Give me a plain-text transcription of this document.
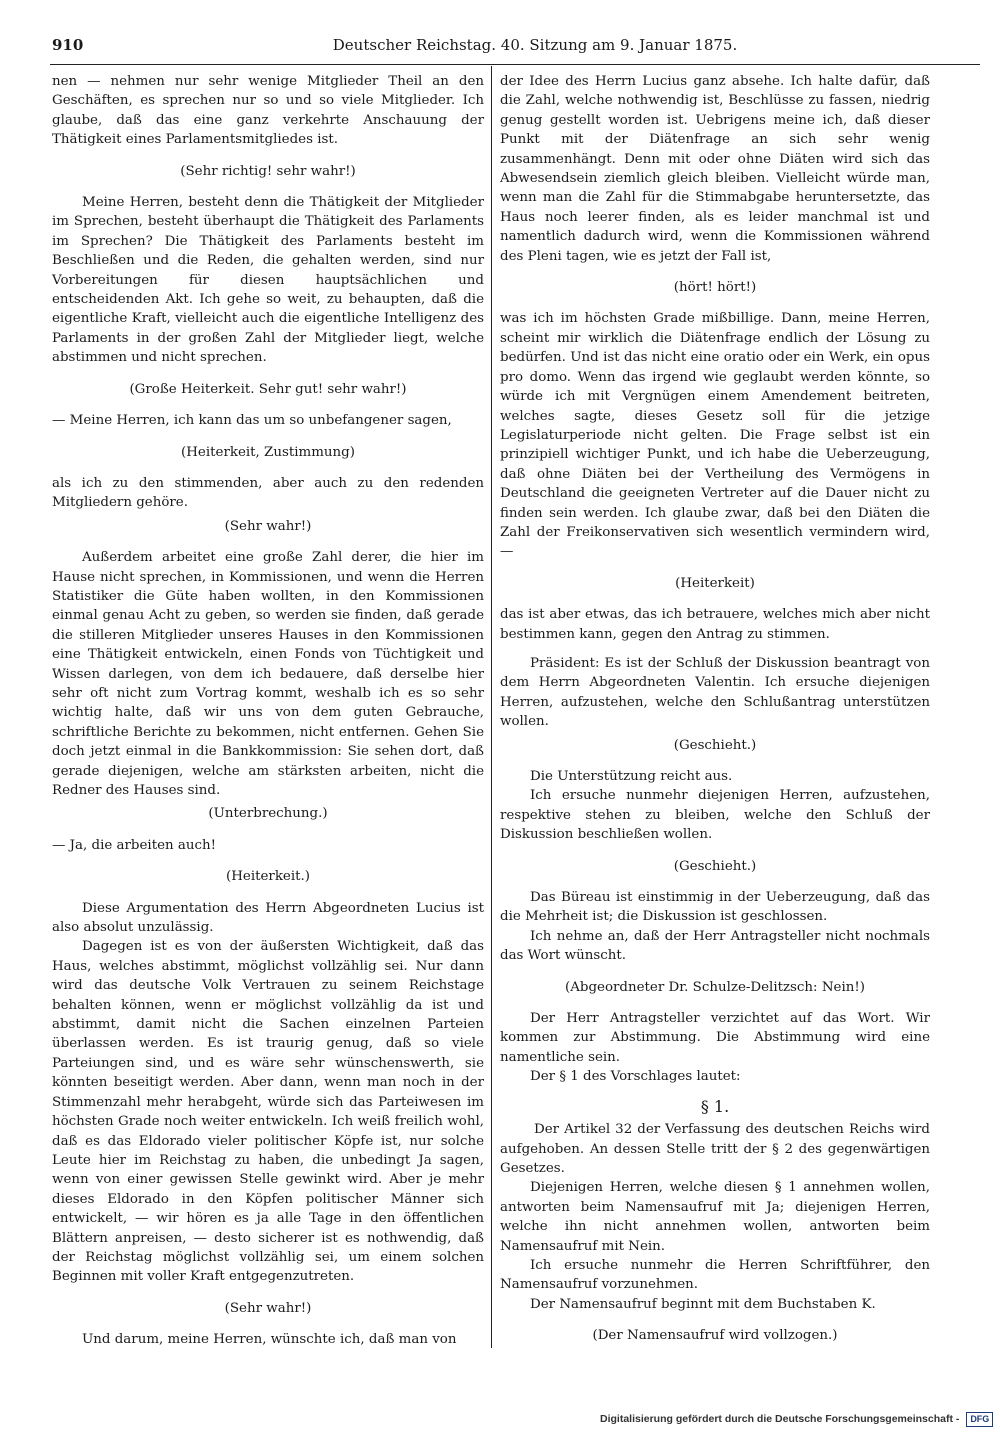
910	Deutscher Reichstag. 40. Sitzung am 9. Januar 1875.

nen — nehmen nur sehr wenige Mitglieder Theil an den Geschäften, es sprechen nur so und so viele Mitglieder. Ich glaube, daß das eine ganz verkehrte Anschauung der Thätigkeit eines Parlamentsmitgliedes ist.

(Sehr richtig! sehr wahr!)

Meine Herren, besteht denn die Thätigkeit der Mitglieder im Sprechen, besteht überhaupt die Thätigkeit des Parlaments im Sprechen? Die Thätigkeit des Parlaments besteht im Beschließen und die Reden, die gehalten werden, sind nur Vorbereitungen für diesen hauptsächlichen und entscheidenden Akt. Ich gehe so weit, zu behaupten, daß die eigentliche Kraft, vielleicht auch die eigentliche Intelligenz des Parlaments in der großen Zahl der Mitglieder liegt, welche abstimmen und nicht sprechen.

(Große Heiterkeit. Sehr gut! sehr wahr!)

— Meine Herren, ich kann das um so unbefangener sagen,

(Heiterkeit, Zustimmung)

als ich zu den stimmenden, aber auch zu den redenden Mitgliedern gehöre.

(Sehr wahr!)

Außerdem arbeitet eine große Zahl derer, die hier im Hause nicht sprechen, in Kommissionen, und wenn die Herren Statistiker die Güte haben wollten, in den Kommissionen einmal genau Acht zu geben, so werden sie finden, daß gerade die stilleren Mitglieder unseres Hauses in den Kommissionen eine Thätigkeit entwickeln, einen Fonds von Tüchtigkeit und Wissen darlegen, von dem ich bedauere, daß derselbe hier sehr oft nicht zum Vortrag kommt, weshalb ich es so sehr wichtig halte, daß wir uns von dem guten Gebrauche, schriftliche Berichte zu bekommen, nicht entfernen. Gehen Sie doch jetzt einmal in die Bankkommission: Sie sehen dort, daß gerade diejenigen, welche am stärksten arbeiten, nicht die Redner des Hauses sind.

(Unterbrechung.)

— Ja, die arbeiten auch!

(Heiterkeit.)

Diese Argumentation des Herrn Abgeordneten Lucius ist also absolut unzulässig.

Dagegen ist es von der äußersten Wichtigkeit, daß das Haus, welches abstimmt, möglichst vollzählig sei. Nur dann wird das deutsche Volk Vertrauen zu seinem Reichstage behalten können, wenn er möglichst vollzählig da ist und abstimmt, damit nicht die Sachen einzelnen Parteien überlassen werden. Es ist traurig genug, daß so viele Parteiungen sind, und es wäre sehr wünschenswerth, sie könnten beseitigt werden. Aber dann, wenn man noch in der Stimmenzahl mehr herabgeht, würde sich das Parteiwesen im höchsten Grade noch weiter entwickeln. Ich weiß freilich wohl, daß es das Eldorado vieler politischer Köpfe ist, nur solche Leute hier im Reichstag zu haben, die unbedingt Ja sagen, wenn von einer gewissen Stelle gewinkt wird. Aber je mehr dieses Eldorado in den Köpfen politischer Männer sich entwickelt, — wir hören es ja alle Tage in den öffentlichen Blättern anpreisen, — desto sicherer ist es nothwendig, daß der Reichstag möglichst vollzählig sei, um einem solchen Beginnen mit voller Kraft entgegenzutreten.

(Sehr wahr!)

Und darum, meine Herren, wünschte ich, daß man von

der Idee des Herrn Lucius ganz absehe. Ich halte dafür, daß die Zahl, welche nothwendig ist, Beschlüsse zu fassen, niedrig genug gestellt worden ist. Uebrigens meine ich, daß dieser Punkt mit der Diätenfrage an sich sehr wenig zusammenhängt. Denn mit oder ohne Diäten wird sich das Abwesendsein ziemlich gleich bleiben. Vielleicht würde man, wenn man die Zahl für die Stimmabgabe heruntersetzte, das Haus noch leerer finden, als es leider manchmal ist und namentlich dadurch wird, wenn die Kommissionen während des Pleni tagen, wie es jetzt der Fall ist,

(hört! hört!)

was ich im höchsten Grade mißbillige. Dann, meine Herren, scheint mir wirklich die Diätenfrage endlich der Lösung zu bedürfen. Und ist das nicht eine oratio oder ein Werk, ein opus pro domo. Wenn das irgend wie geglaubt werden könnte, so würde ich mit Vergnügen einem Amendement beitreten, welches sagte, dieses Gesetz soll für die jetzige Legislaturperiode nicht gelten. Die Frage selbst ist ein prinzipiell wichtiger Punkt, und ich habe die Ueberzeugung, daß ohne Diäten bei der Vertheilung des Vermögens in Deutschland die geeigneten Vertreter auf die Dauer nicht zu finden sein werden. Ich glaube zwar, daß bei den Diäten die Zahl der Freikonservativen sich wesentlich vermindern wird, —

(Heiterkeit)

das ist aber etwas, das ich betrauere, welches mich aber nicht bestimmen kann, gegen den Antrag zu stimmen.

Präsident: Es ist der Schluß der Diskussion beantragt von dem Herrn Abgeordneten Valentin. Ich ersuche diejenigen Herren, aufzustehen, welche den Schlußantrag unterstützen wollen.

(Geschieht.)

Die Unterstützung reicht aus.

Ich ersuche nunmehr diejenigen Herren, aufzustehen, respektive stehen zu bleiben, welche den Schluß der Diskussion beschließen wollen.

(Geschieht.)

Das Büreau ist einstimmig in der Ueberzeugung, daß das die Mehrheit ist; die Diskussion ist geschlossen.

Ich nehme an, daß der Herr Antragsteller nicht nochmals das Wort wünscht.

(Abgeordneter Dr. Schulze-Delitzsch: Nein!)

Der Herr Antragsteller verzichtet auf das Wort. Wir kommen zur Abstimmung. Die Abstimmung wird eine namentliche sein.

Der § 1 des Vorschlages lautet:

§ 1.

Der Artikel 32 der Verfassung des deutschen Reichs wird aufgehoben. An dessen Stelle tritt der § 2 des gegenwärtigen Gesetzes.

Diejenigen Herren, welche diesen § 1 annehmen wollen, antworten beim Namensaufruf mit Ja; diejenigen Herren, welche ihn nicht annehmen wollen, antworten beim Namensaufruf mit Nein.

Ich ersuche nunmehr die Herren Schriftführer, den Namensaufruf vorzunehmen.

Der Namensaufruf beginnt mit dem Buchstaben K.

(Der Namensaufruf wird vollzogen.)

Digitalisierung gefördert durch die Deutsche Forschungsgemeinschaft - DFG
